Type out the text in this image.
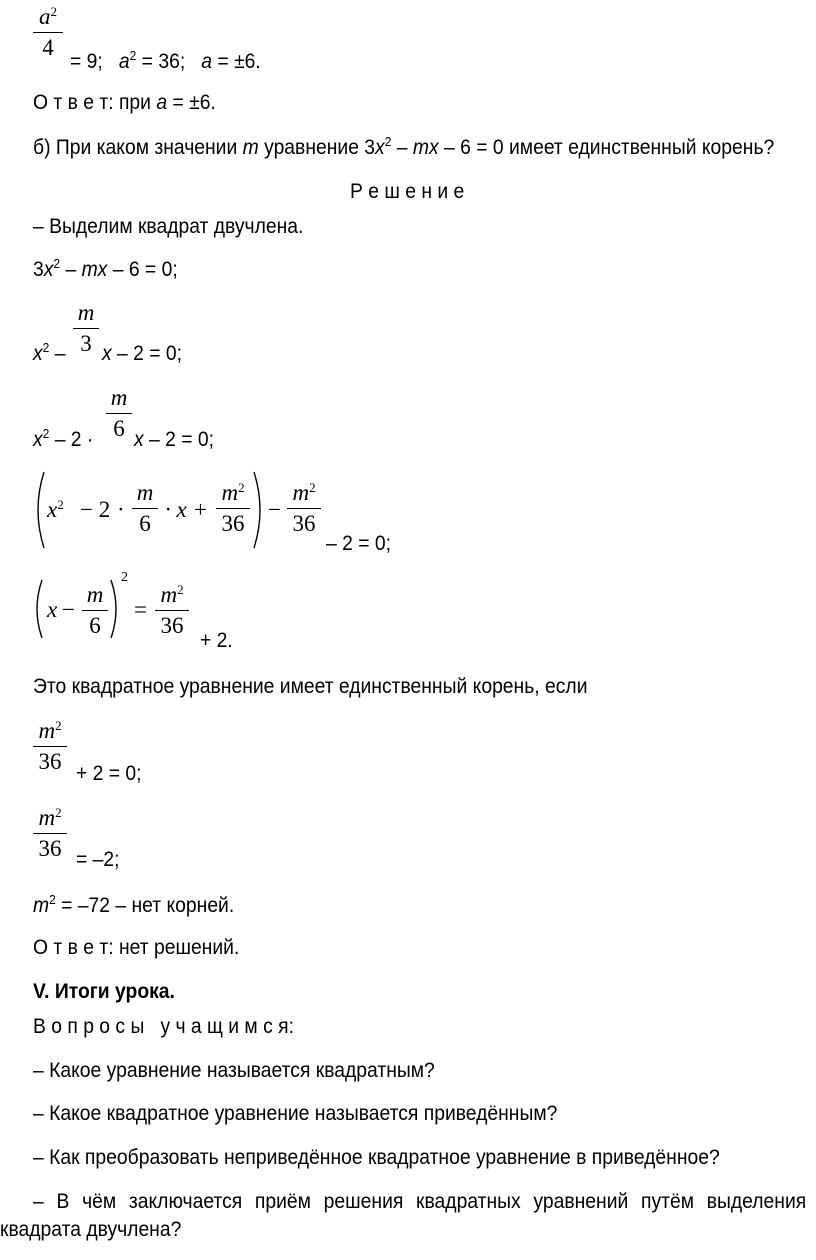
$a^2$
4
= 9; $a^2 = 36$; a = ±6.
О т в е т: при a = ±6.
б) При каком значении m уравнение $3x^2$ – mx – 6 = 0 имеет единственный корень?
Р е ш е н и е
– Выделим квадрат двучлена.
$3x^2$ – mx – 6 = 0;
$x^2$ –
m
3 x – 2 = 0;
$x^2 - 2$ ·
m
6 x – 2 = 0;
$x^2 - 2$ ·
m
6
· x +
$m^2$
36
−
$m^2$
36
– 2 = 0;
x −
m
6
2
=
$m^2$
36
+ 2.
Это квадратное уравнение имеет единственный корень, если
$m^2$
36 + 2 = 0;
$m^2$
36 = –2;
$m^2 = -72$ – нет корней.
О т в е т: нет решений.
V. Итоги урока.
В о п р о с ы   у ч а щ и м с я:
– Какое уравнение называется квадратным?
– Какое квадратное уравнение называется приведённым?
– Как преобразовать неприведённое квадратное уравнение в приведённое?
– В чём заключается приём решения квадратных уравнений путём выделения
квадрата двучлена?
